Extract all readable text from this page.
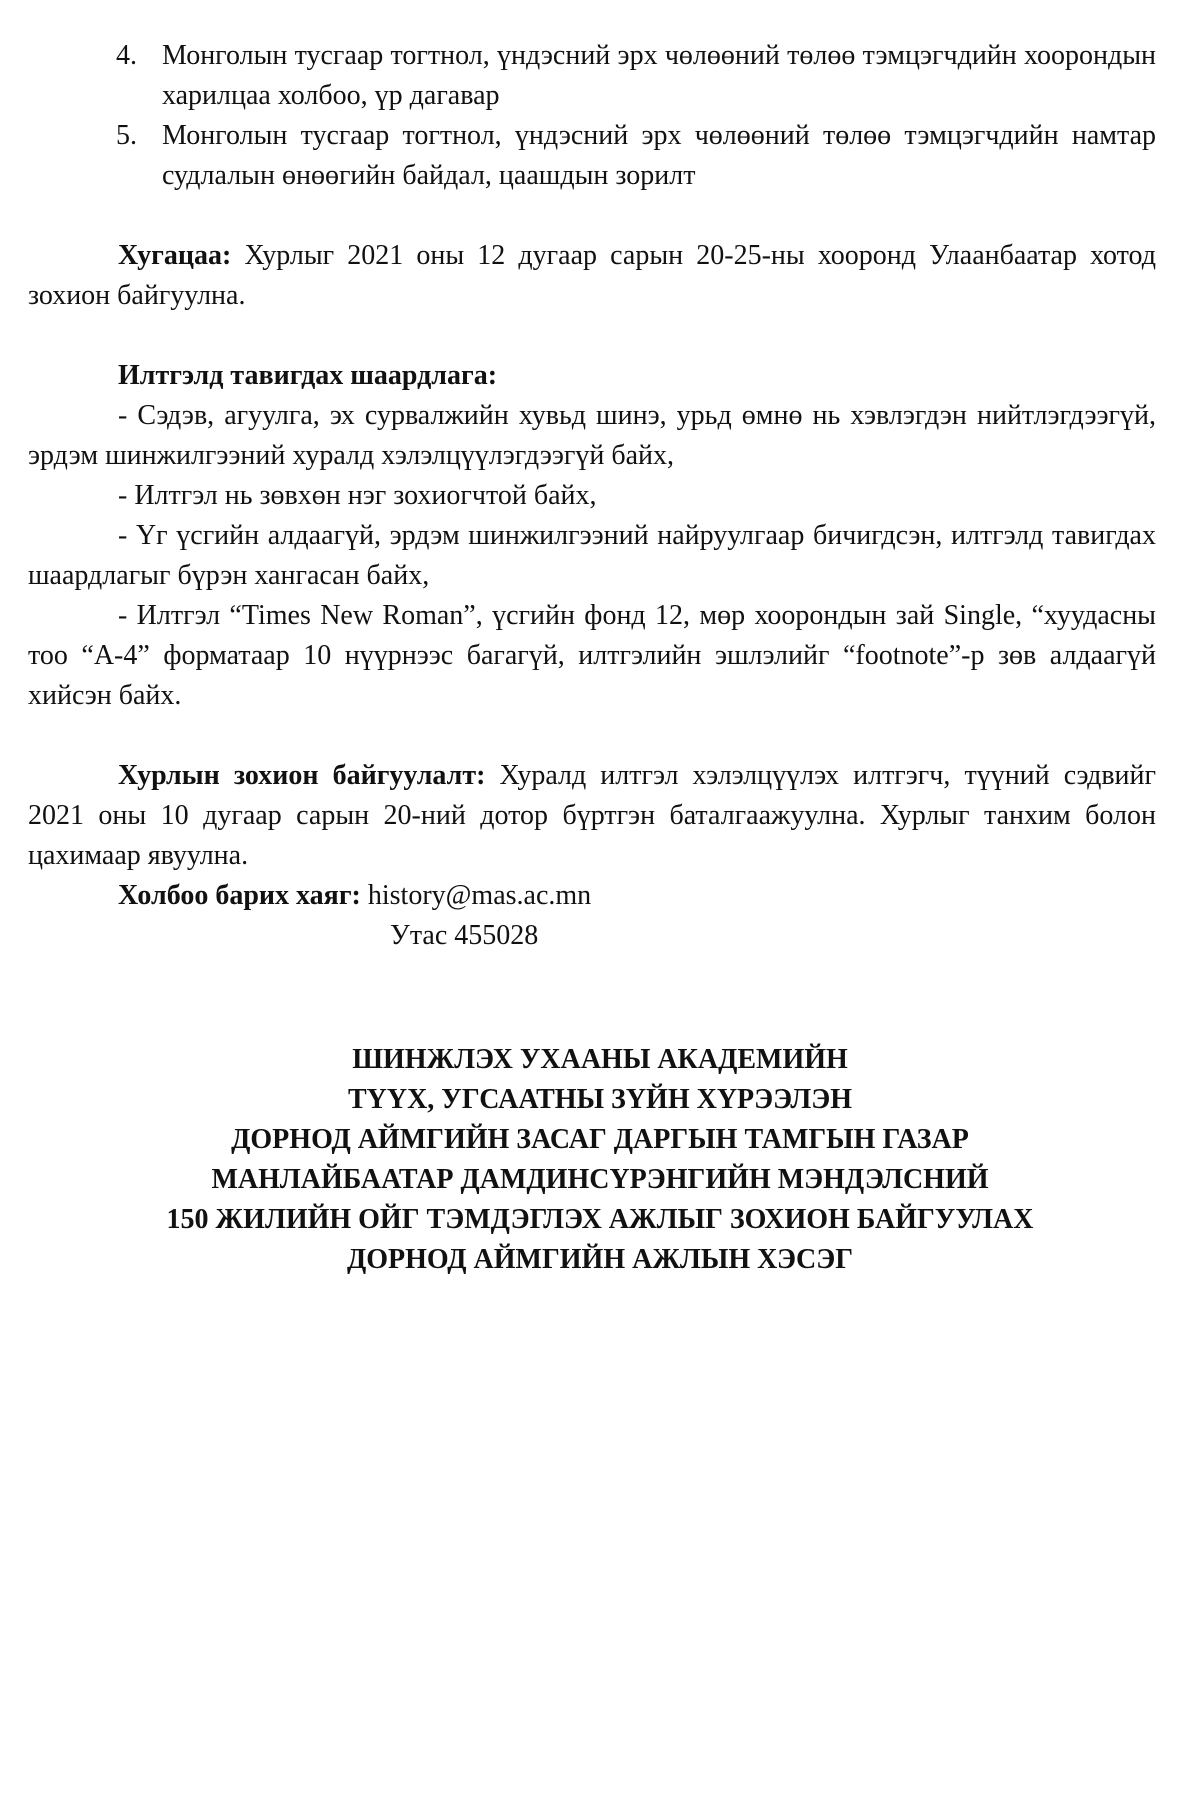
4. Монголын тусгаар тогтнол, үндэсний эрх чөлөөний төлөө тэмцэгчдийн хоорондын харилцаа холбоо, үр дагавар
5. Монголын тусгаар тогтнол, үндэсний эрх чөлөөний төлөө тэмцэгчдийн намтар судлалын өнөөгийн байдал, цаашдын зорилт

Хугацаа: Хурлыг 2021 оны 12 дугаар сарын 20-25-ны хооронд Улаанбаатар хотод зохион байгуулна.

Илтгэлд тавигдах шаардлага:

- Сэдэв, агуулга, эх сурвалжийн хувьд шинэ, урьд өмнө нь хэвлэгдэн нийтлэгдээгүй, эрдэм шинжилгээний хуралд хэлэлцүүлэгдээгүй байх,

- Илтгэл нь зөвхөн нэг зохиогчтой байх,

- Үг үсгийн алдаагүй, эрдэм шинжилгээний найруулгаар бичигдсэн, илтгэлд тавигдах шаардлагыг бүрэн хангасан байх,

- Илтгэл “Times New Roman”, үсгийн фонд 12, мөр хоорондын зай Single, “хуудасны тоо “A-4” форматаар 10 нүүрнээс багагүй, илтгэлийн эшлэлийг “footnote”-р зөв алдаагүй хийсэн байх.

Хурлын зохион байгуулалт: Хуралд илтгэл хэлэлцүүлэх илтгэгч, түүний сэдвийг 2021 оны 10 дугаар сарын 20-ний дотор бүртгэн баталгаажуулна. Хурлыг танхим болон цахимаар явуулна.

Холбоо барих хаяг: history@mas.ac.mn

Утас 455028

ШИНЖЛЭХ УХААНЫ АКАДЕМИЙН
ТҮҮХ, УГСААТНЫ ЗҮЙН ХҮРЭЭЛЭН
ДОРНОД АЙМГИЙН ЗАСАГ ДАРГЫН ТАМГЫН ГАЗАР
МАНЛАЙБААТАР ДАМДИНСҮРЭНГИЙН МЭНДЭЛСНИЙ
150 ЖИЛИЙН ОЙГ ТЭМДЭГЛЭХ АЖЛЫГ ЗОХИОН БАЙГУУЛАХ
ДОРНОД АЙМГИЙН АЖЛЫН ХЭСЭГ
